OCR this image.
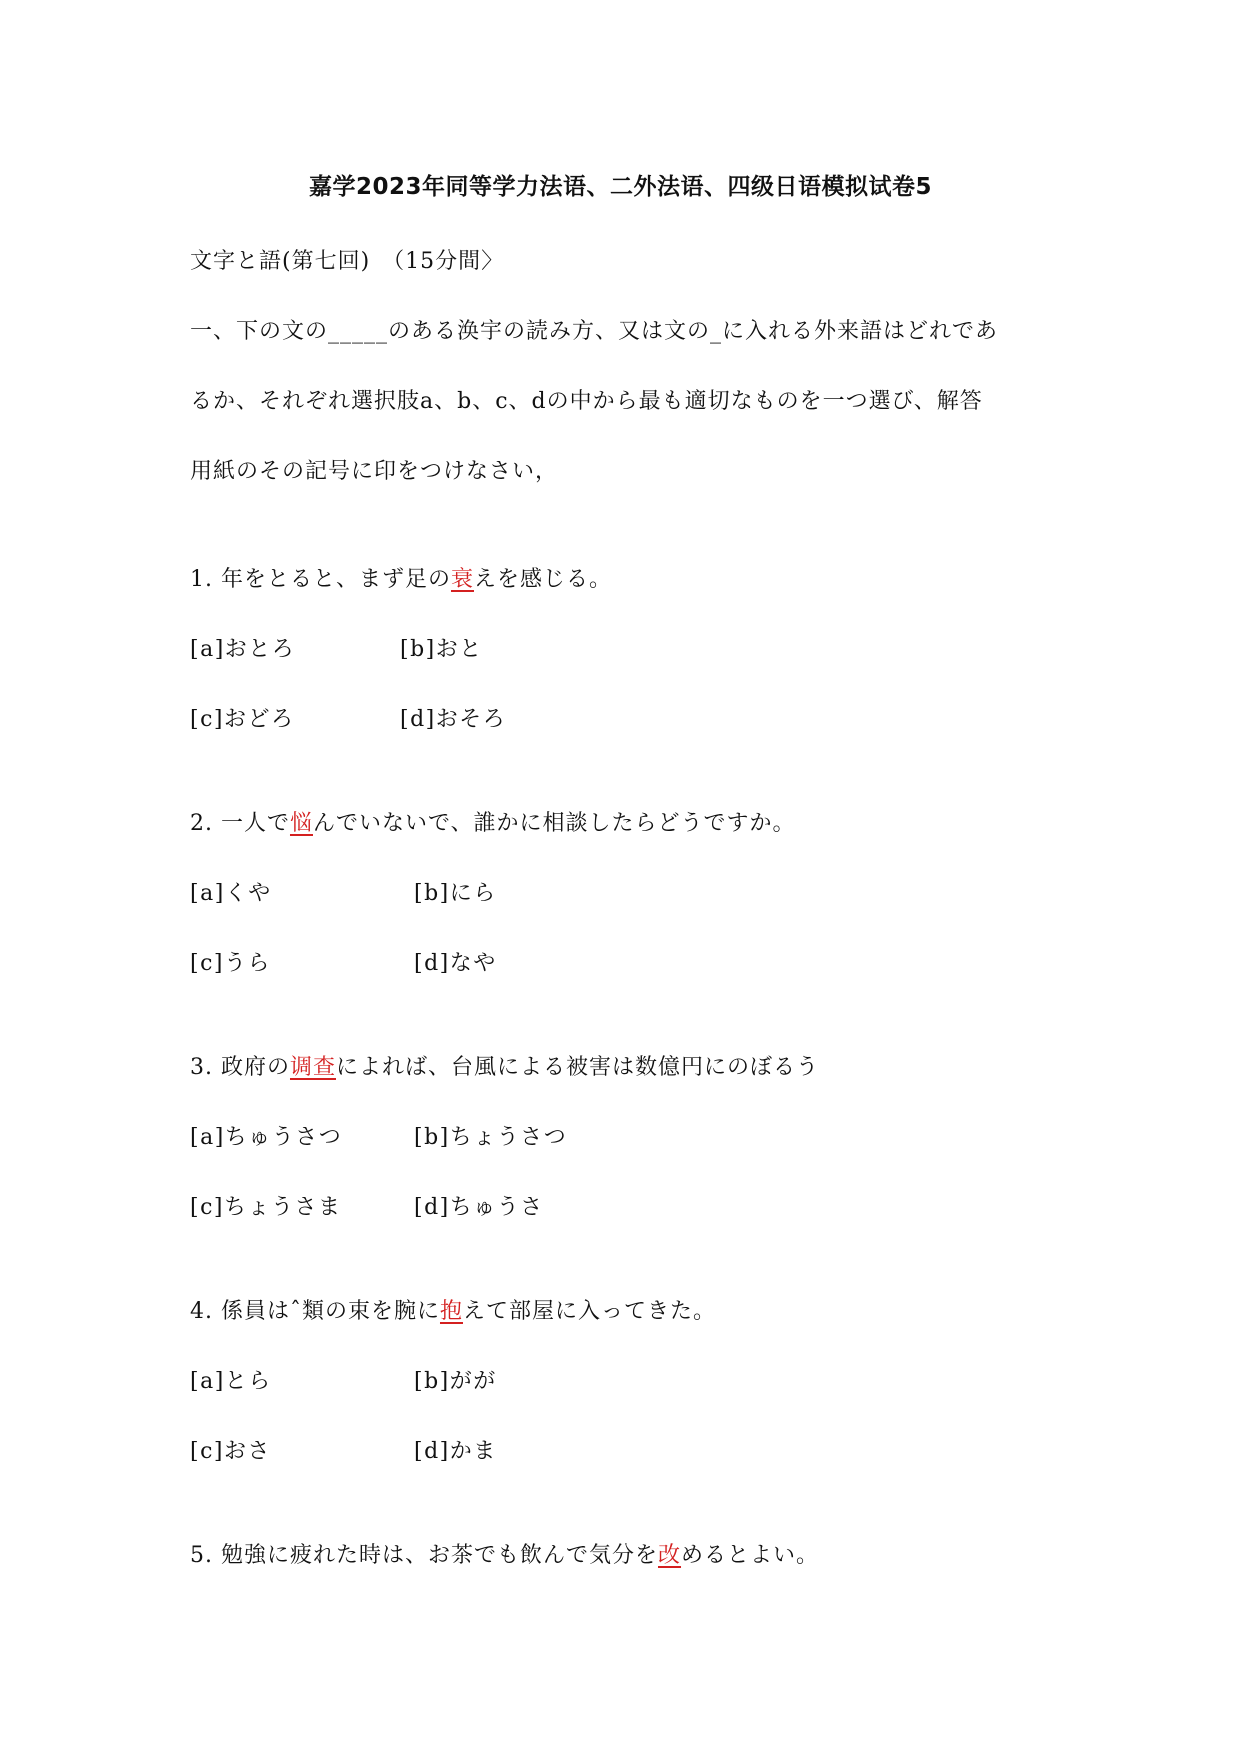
嘉学2023年同等学力法语、二外法语、四级日语模拟试卷5
文字と語(第七回)　（15分間〉
一、下の文の_____のある涣宇の読み方、又は文の_に入れる外来語はどれであ
るか、それぞれ選択肢a、b、c、dの中から最も適切なものを一つ選び、解答
用紙のその記号に印をつけなさい，
1. 年をとると、まず足の衰えを感じる。
[a]おとろ	[b]おと
[c]おどろ	[d]おそろ
2. 一人で悩んでいないで、誰かに相談したらどうですか。
[a]くや	[b]にら
[c]うら	[d]なや
3. 政府の调查によれば、台風による被害は数億円にのぼるう
[a]ちゅうさつ	[b]ちょうさつ
[c]ちょうさま	[d]ちゅうさ
4. 係員はˆ類の束を腕に抱えて部屋に入ってきた。
[a]とら	[b]がが
[c]おさ	[d]かま
5. 勉強に疲れた時は、お茶でも飲んで気分を改めるとよい。
